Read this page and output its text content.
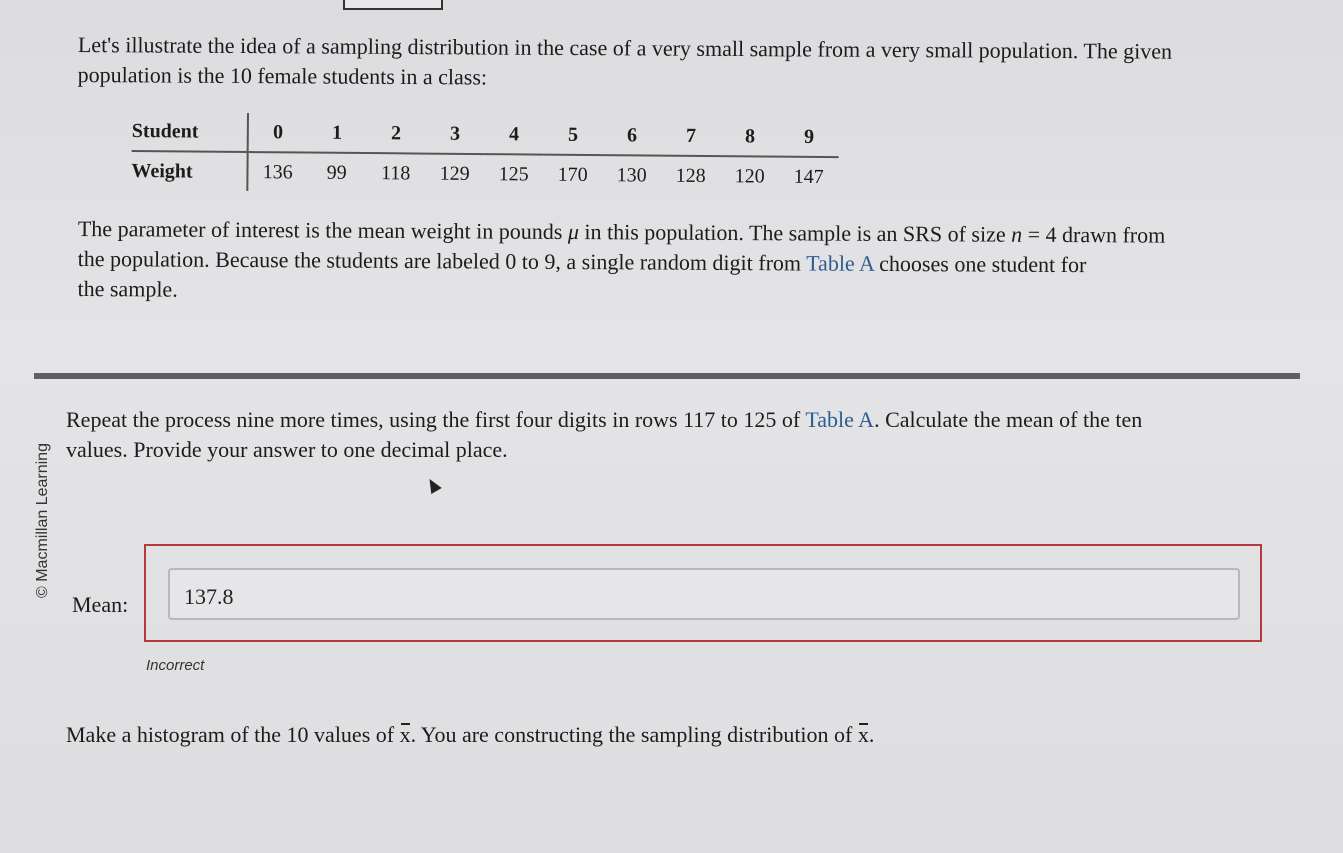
Let's illustrate the idea of a sampling distribution in the case of a very small sample from a very small population. The given
population is the 10 female students in a class:

Student	0	1	2	3	4	5	6	7	8	9
Weight	136	99	118	129	125	170	130	128	120	147

The parameter of interest is the mean weight in pounds μ in this population. The sample is an SRS of size n = 4 drawn from
the population. Because the students are labeled 0 to 9, a single random digit from Table A chooses one student for
the sample.

© Macmillan Learning

Repeat the process nine more times, using the first four digits in rows 117 to 125 of Table A. Calculate the mean of the ten
values. Provide your answer to one decimal place.

Mean:	137.8
Incorrect

Make a histogram of the 10 values of x. You are constructing the sampling distribution of x.
